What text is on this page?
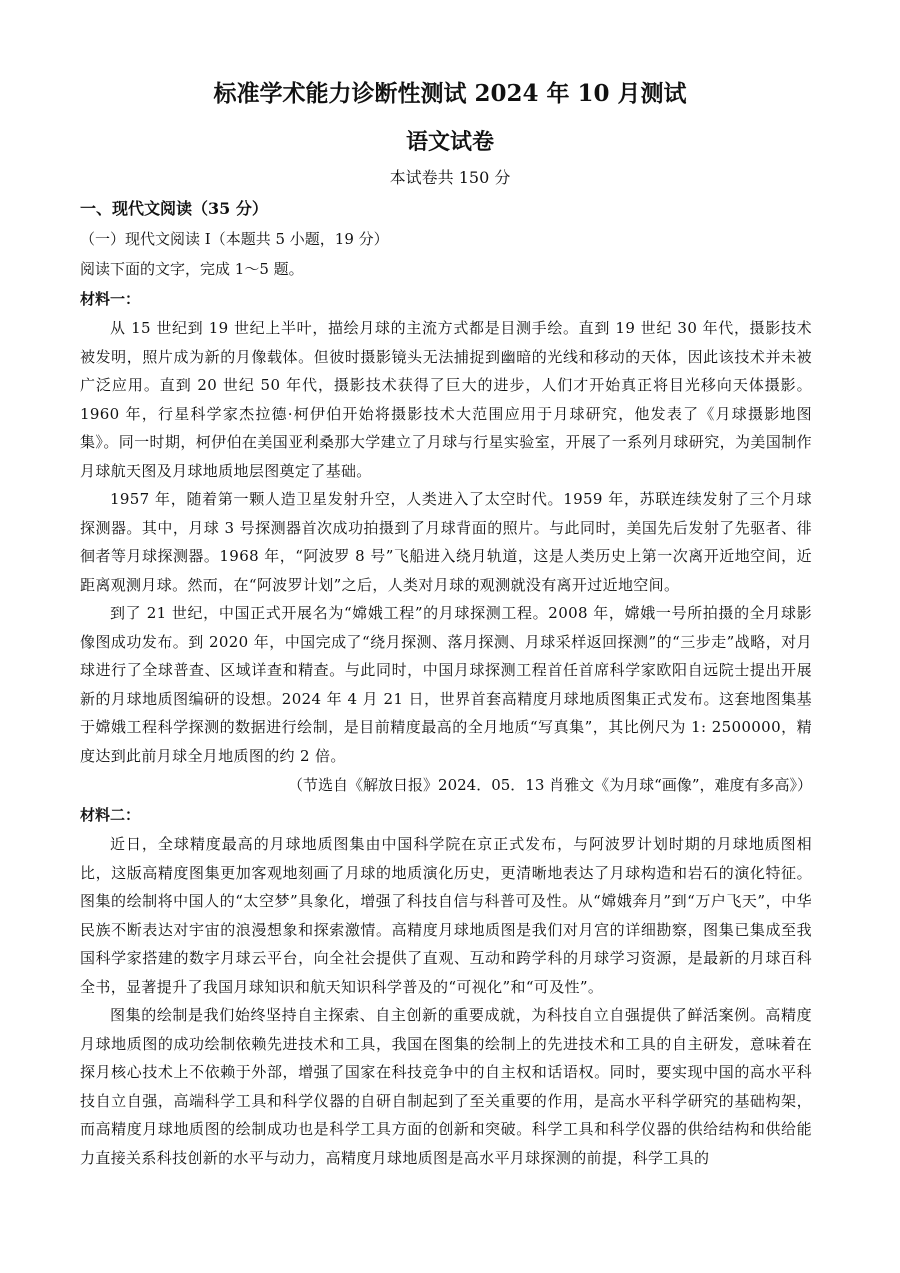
标准学术能力诊断性测试 2024 年 10 月测试
语文试卷
本试卷共 150 分
一、现代文阅读（35 分）
（一）现代文阅读 I（本题共 5 小题，19 分）
阅读下面的文字，完成 1～5 题。
材料一：

从 15 世纪到 19 世纪上半叶，描绘月球的主流方式都是目测手绘。直到 19 世纪 30 年代，摄影技术被发明，照片成为新的月像载体。但彼时摄影镜头无法捕捉到幽暗的光线和移动的天体，因此该技术并未被广泛应用。直到 20 世纪 50 年代，摄影技术获得了巨大的进步，人们才开始真正将目光移向天体摄影。1960 年，行星科学家杰拉德·柯伊伯开始将摄影技术大范围应用于月球研究，他发表了《月球摄影地图集》。同一时期，柯伊伯在美国亚利桑那大学建立了月球与行星实验室，开展了一系列月球研究，为美国制作月球航天图及月球地质地层图奠定了基础。

1957 年，随着第一颗人造卫星发射升空，人类进入了太空时代。1959 年，苏联连续发射了三个月球探测器。其中，月球 3 号探测器首次成功拍摄到了月球背面的照片。与此同时，美国先后发射了先驱者、徘徊者等月球探测器。1968 年，“阿波罗 8 号”飞船进入绕月轨道，这是人类历史上第一次离开近地空间，近距离观测月球。然而，在“阿波罗计划”之后，人类对月球的观测就没有离开过近地空间。

到了 21 世纪，中国正式开展名为“嫦娥工程”的月球探测工程。2008 年，嫦娥一号所拍摄的全月球影像图成功发布。到 2020 年，中国完成了“绕月探测、落月探测、月球采样返回探测”的“三步走”战略，对月球进行了全球普查、区域详查和精查。与此同时，中国月球探测工程首任首席科学家欧阳自远院士提出开展新的月球地质图编研的设想。2024 年 4 月 21 日，世界首套高精度月球地质图集正式发布。这套地图集基于嫦娥工程科学探测的数据进行绘制，是目前精度最高的全月地质“写真集”，其比例尺为 1: 2500000，精度达到此前月球全月地质图的约 2 倍。

（节选自《解放日报》2024．05．13 肖雅文《为月球“画像”，难度有多高》）
材料二：

近日，全球精度最高的月球地质图集由中国科学院在京正式发布，与阿波罗计划时期的月球地质图相比，这版高精度图集更加客观地刻画了月球的地质演化历史，更清晰地表达了月球构造和岩石的演化特征。图集的绘制将中国人的“太空梦”具象化，增强了科技自信与科普可及性。从“嫦娥奔月”到“万户飞天”，中华民族不断表达对宇宙的浪漫想象和探索激情。高精度月球地质图是我们对月宫的详细勘察，图集已集成至我国科学家搭建的数字月球云平台，向全社会提供了直观、互动和跨学科的月球学习资源，是最新的月球百科全书，显著提升了我国月球知识和航天知识科学普及的“可视化”和“可及性”。

图集的绘制是我们始终坚持自主探索、自主创新的重要成就，为科技自立自强提供了鲜活案例。高精度月球地质图的成功绘制依赖先进技术和工具，我国在图集的绘制上的先进技术和工具的自主研发，意味着在探月核心技术上不依赖于外部，增强了国家在科技竞争中的自主权和话语权。同时，要实现中国的高水平科技自立自强，高端科学工具和科学仪器的自研自制起到了至关重要的作用，是高水平科学研究的基础构架，而高精度月球地质图的绘制成功也是科学工具方面的创新和突破。科学工具和科学仪器的供给结构和供给能力直接关系科技创新的水平与动力，高精度月球地质图是高水平月球探测的前提，科学工具的
